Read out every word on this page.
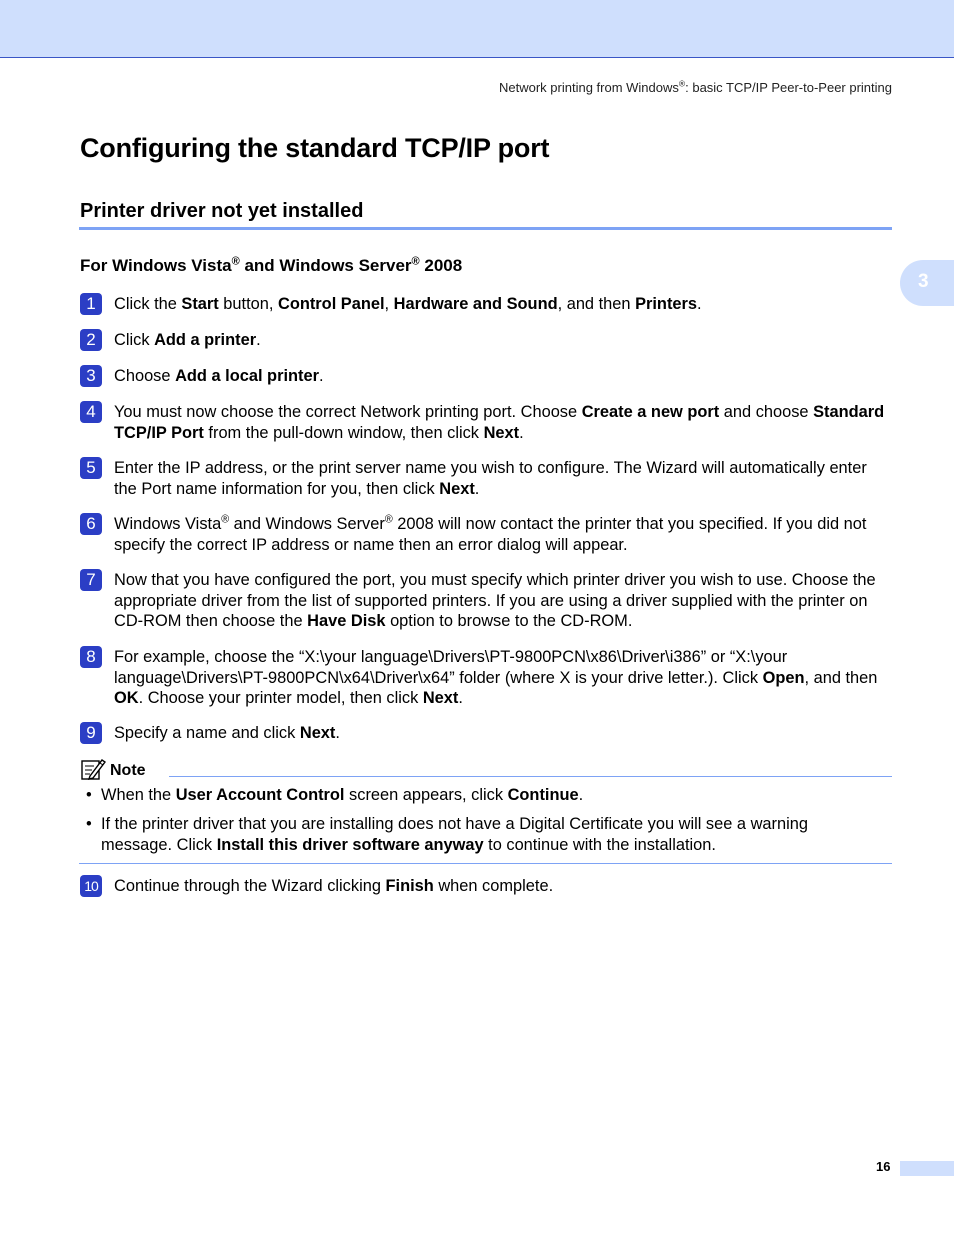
Network printing from Windows®: basic TCP/IP Peer-to-Peer printing
3
Configuring the standard TCP/IP port
Printer driver not yet installed
For Windows Vista® and Windows Server® 2008
1	Click the Start button, Control Panel, Hardware and Sound, and then Printers.
2	Click Add a printer.
3	Choose Add a local printer.
4	You must now choose the correct Network printing port. Choose Create a new port and choose Standard TCP/IP Port from the pull-down window, then click Next.
5	Enter the IP address, or the print server name you wish to configure. The Wizard will automatically enter the Port name information for you, then click Next.
6	Windows Vista® and Windows Server® 2008 will now contact the printer that you specified. If you did not specify the correct IP address or name then an error dialog will appear.
7	Now that you have configured the port, you must specify which printer driver you wish to use. Choose the appropriate driver from the list of supported printers. If you are using a driver supplied with the printer on CD-ROM then choose the Have Disk option to browse to the CD-ROM.
8	For example, choose the “X:\your language\Drivers\PT-9800PCN\x86\Driver\i386” or “X:\your language\Drivers\PT-9800PCN\x64\Driver\x64” folder (where X is your drive letter.). Click Open, and then OK. Choose your printer model, then click Next.
9	Specify a name and click Next.
Note
• When the User Account Control screen appears, click Continue.
• If the printer driver that you are installing does not have a Digital Certificate you will see a warning message. Click Install this driver software anyway to continue with the installation.
10 Continue through the Wizard clicking Finish when complete.
16
